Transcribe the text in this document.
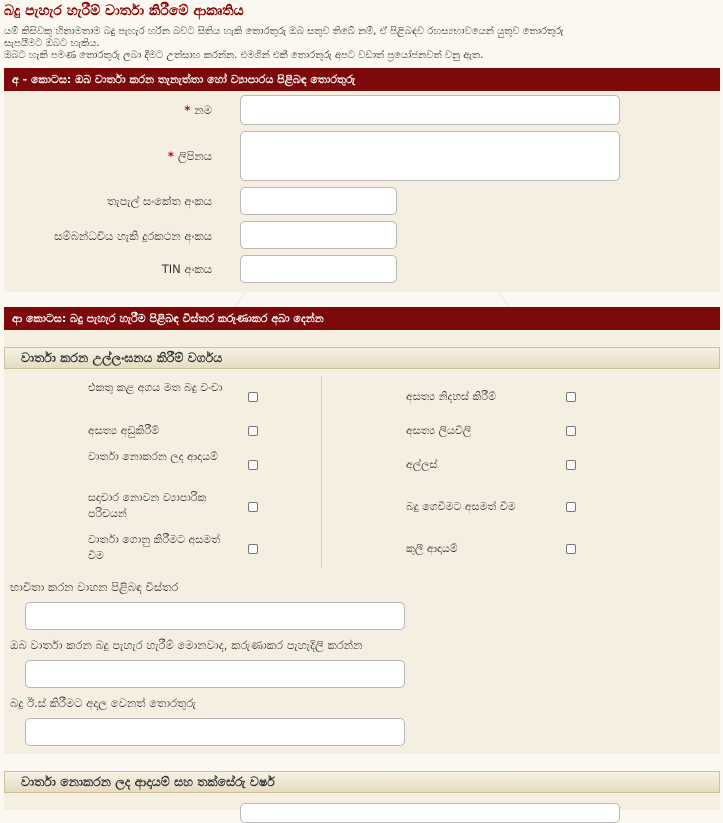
බදු පැහැර හැරීම් වාර්තා කිරීමේ ආකෘතිය
යම් කිසිවකු හිතාමතාම බදු පැහැර හරින බවට සිතිය හැකි තොරතුරු ඔබ සතුව තිබේ නම්, ඒ පිළිබඳව රහස්‍යභාවයෙන් යුතුව තොරතුරු
සැපයීමට ඔබට හැකිය.
ඔබට හැකි පමණ තොරතුරු ලබා දීමට උත්සාහ කරන්න. එමගින් එකී තොරතුරු අපට වඩාත් ප්‍රයෝජනවත් වනු ඇත.
අ - කොටස: ඔබ වාර්තා කරන තැනැත්තා හෝ ව්‍යාපාරය පිළිබඳ තොරතුරු
* නම
* ලිපිනය
තැපැල් සංකේත අංකය
සම්බන්ධවිය හැකි දුරකථන අංකය
TIN අංකය
ආ කොටස: බදු පැහැර හැරීම පිළිබඳ විස්තර කරුණාකර අබා දෙන්න
වාර්තා කරන උල්ලංඝනය කිරීම් වර්ගය
එකතු කළ අගය මත බදු වංචා
අසත්‍ය අඩුකිරීම්
වාර්තා නොකරන ලද ආදායම්
සදාචාර නොවන ව්‍යාපාරික පරිචයන්
වාර්තා ගොනු කිරීමට අසමත් වීම
අසත්‍ය නිදහස් කිරීම්
අසත්‍ය ලියවිලි
අල්ලස්
බදු ගෙවීමට අසමත් වීම
කුලී ආදායම්
භාවිතා කරන වාහන පිළිබඳ විස්තර
ඔබ වාර්තා කරන බදු පැහැර හැරීම් මොනවාද, කරුණාකර පැහැදිලි කරන්න
බදු ඊ.ස් කිරීමට අදාල වෙනත් තොරතුරු
වාර්තා නොකරන ලද ආදායම් සහ තක්සේරු වර්ෂ
